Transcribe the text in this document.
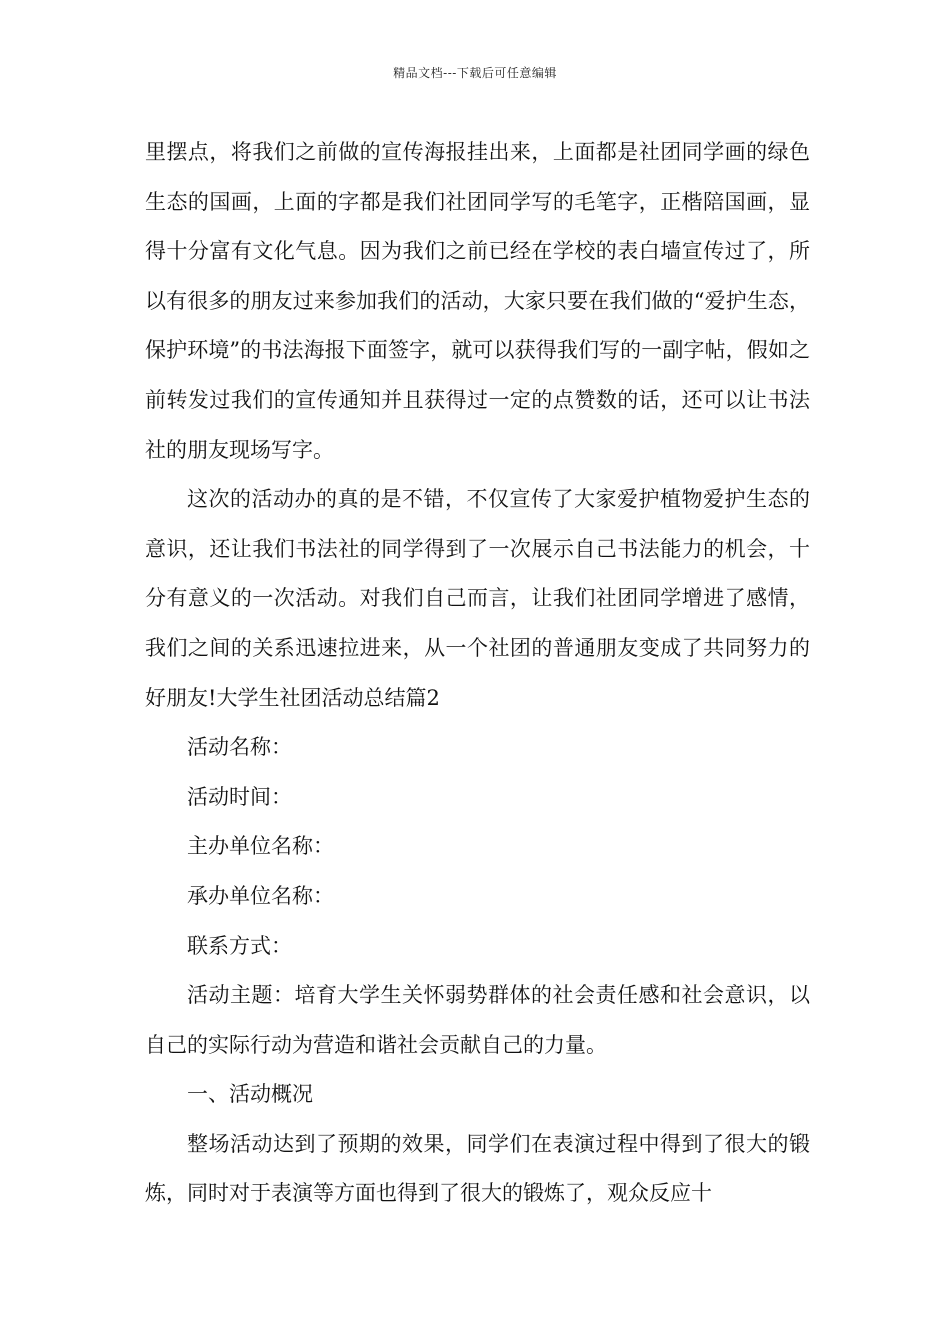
精品文档---下载后可任意编辑

里摆点，将我们之前做的宣传海报挂出来，上面都是社团同学画的绿色生态的国画，上面的字都是我们社团同学写的毛笔字，正楷陪国画，显得十分富有文化气息。因为我们之前已经在学校的表白墙宣传过了，所以有很多的朋友过来参加我们的活动，大家只要在我们做的“爱护生态，保护环境”的书法海报下面签字，就可以获得我们写的一副字帖，假如之前转发过我们的宣传通知并且获得过一定的点赞数的话，还可以让书法社的朋友现场写字。

这次的活动办的真的是不错，不仅宣传了大家爱护植物爱护生态的意识，还让我们书法社的同学得到了一次展示自己书法能力的机会，十分有意义的一次活动。对我们自己而言，让我们社团同学增进了感情，我们之间的关系迅速拉进来，从一个社团的普通朋友变成了共同努力的好朋友!大学生社团活动总结篇2

活动名称：

活动时间：

主办单位名称：

承办单位名称：

联系方式：

活动主题：培育大学生关怀弱势群体的社会责任感和社会意识，以自己的实际行动为营造和谐社会贡献自己的力量。

一、活动概况

整场活动达到了预期的效果，同学们在表演过程中得到了很大的锻炼，同时对于表演等方面也得到了很大的锻炼了，观众反应十
